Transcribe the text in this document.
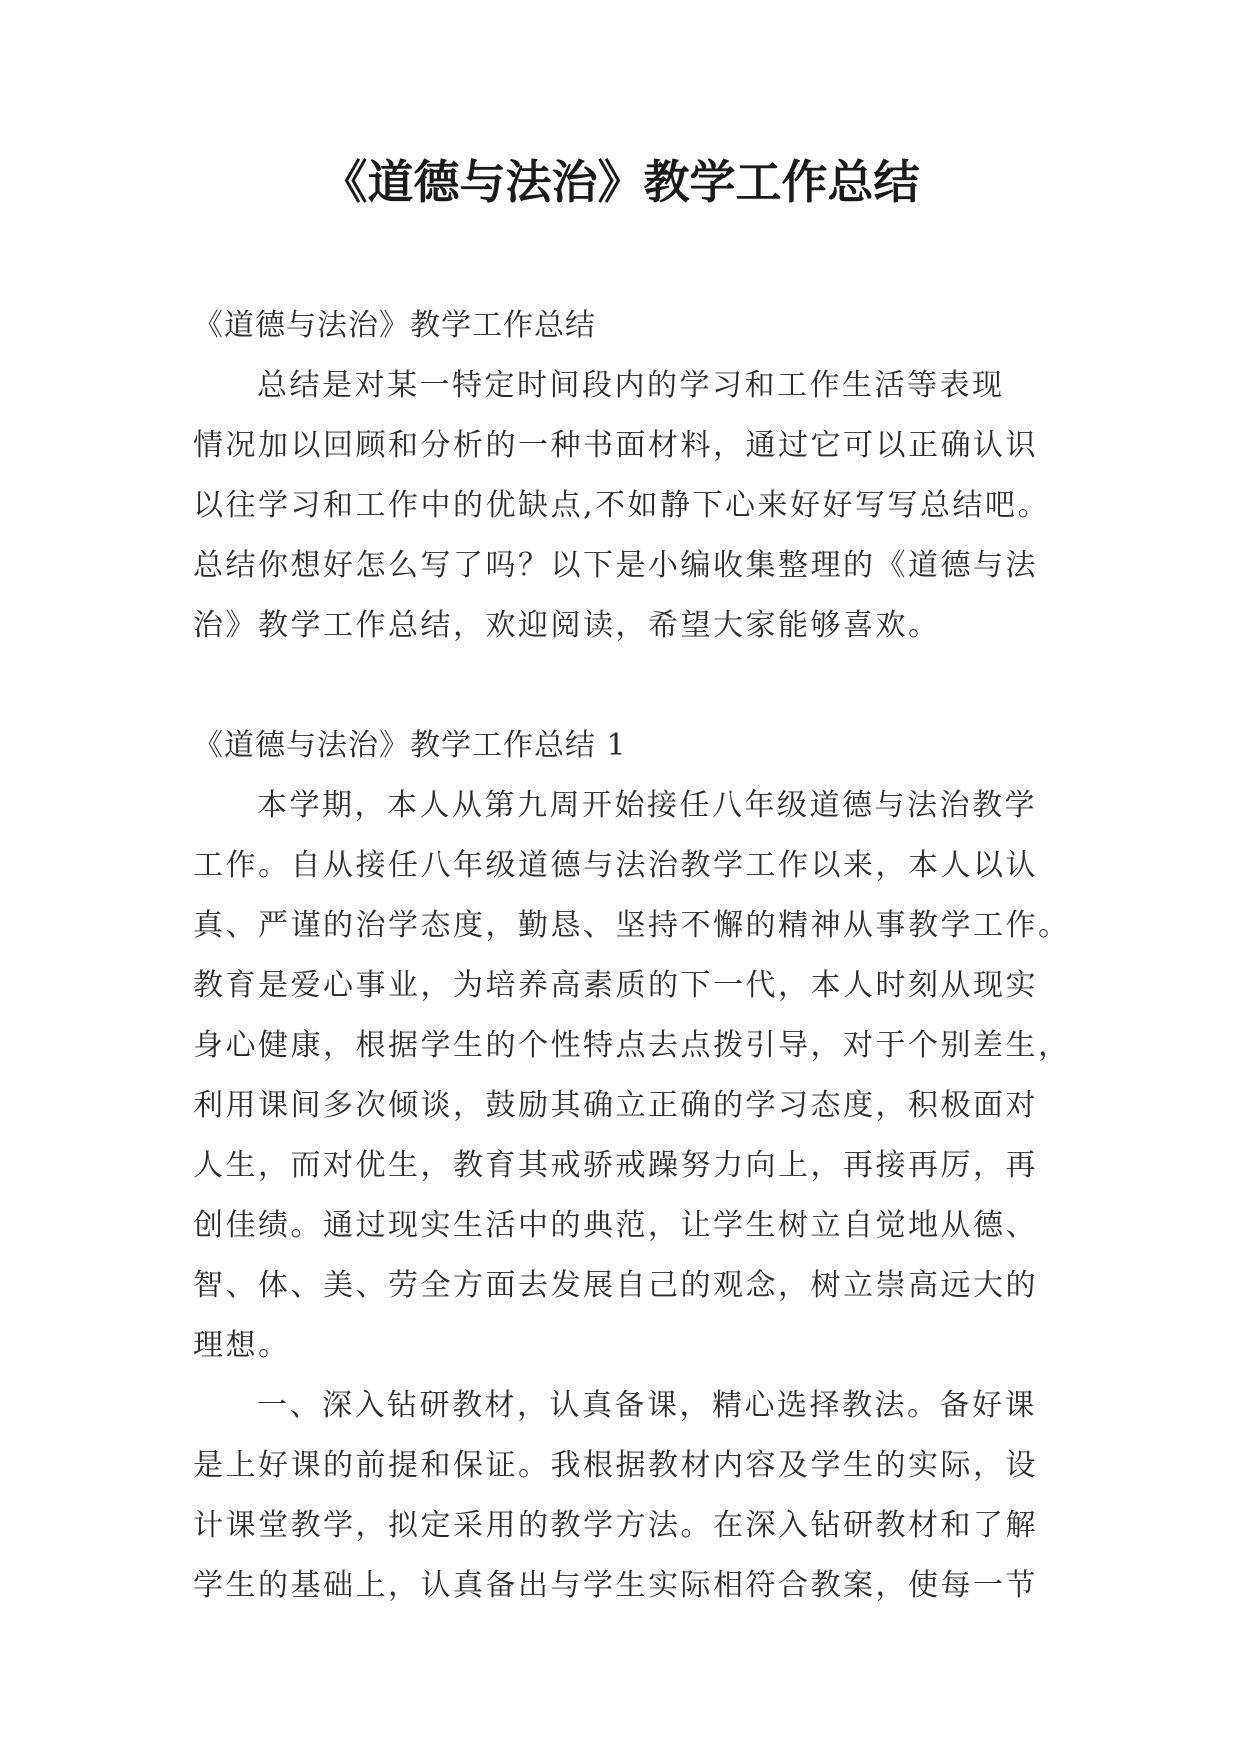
《道德与法治》教学工作总结
《道德与法治》教学工作总结
总结是对某一特定时间段内的学习和工作生活等表现
情况加以回顾和分析的一种书面材料，通过它可以正确认识
以往学习和工作中的优缺点,不如静下心来好好写写总结吧。
总结你想好怎么写了吗？以下是小编收集整理的《道德与法
治》教学工作总结，欢迎阅读，希望大家能够喜欢。
《道德与法治》教学工作总结 1
本学期，本人从第九周开始接任八年级道德与法治教学
工作。自从接任八年级道德与法治教学工作以来，本人以认
真、严谨的治学态度，勤恳、坚持不懈的精神从事教学工作。
教育是爱心事业，为培养高素质的下一代，本人时刻从现实
身心健康，根据学生的个性特点去点拨引导，对于个别差生，
利用课间多次倾谈，鼓励其确立正确的学习态度，积极面对
人生，而对优生，教育其戒骄戒躁努力向上，再接再厉，再
创佳绩。通过现实生活中的典范，让学生树立自觉地从德、
智、体、美、劳全方面去发展自己的观念，树立崇高远大的
理想。
一、深入钻研教材，认真备课，精心选择教法。备好课
是上好课的前提和保证。我根据教材内容及学生的实际，设
计课堂教学，拟定采用的教学方法。在深入钻研教材和了解
学生的基础上，认真备出与学生实际相符合教案，使每一节
